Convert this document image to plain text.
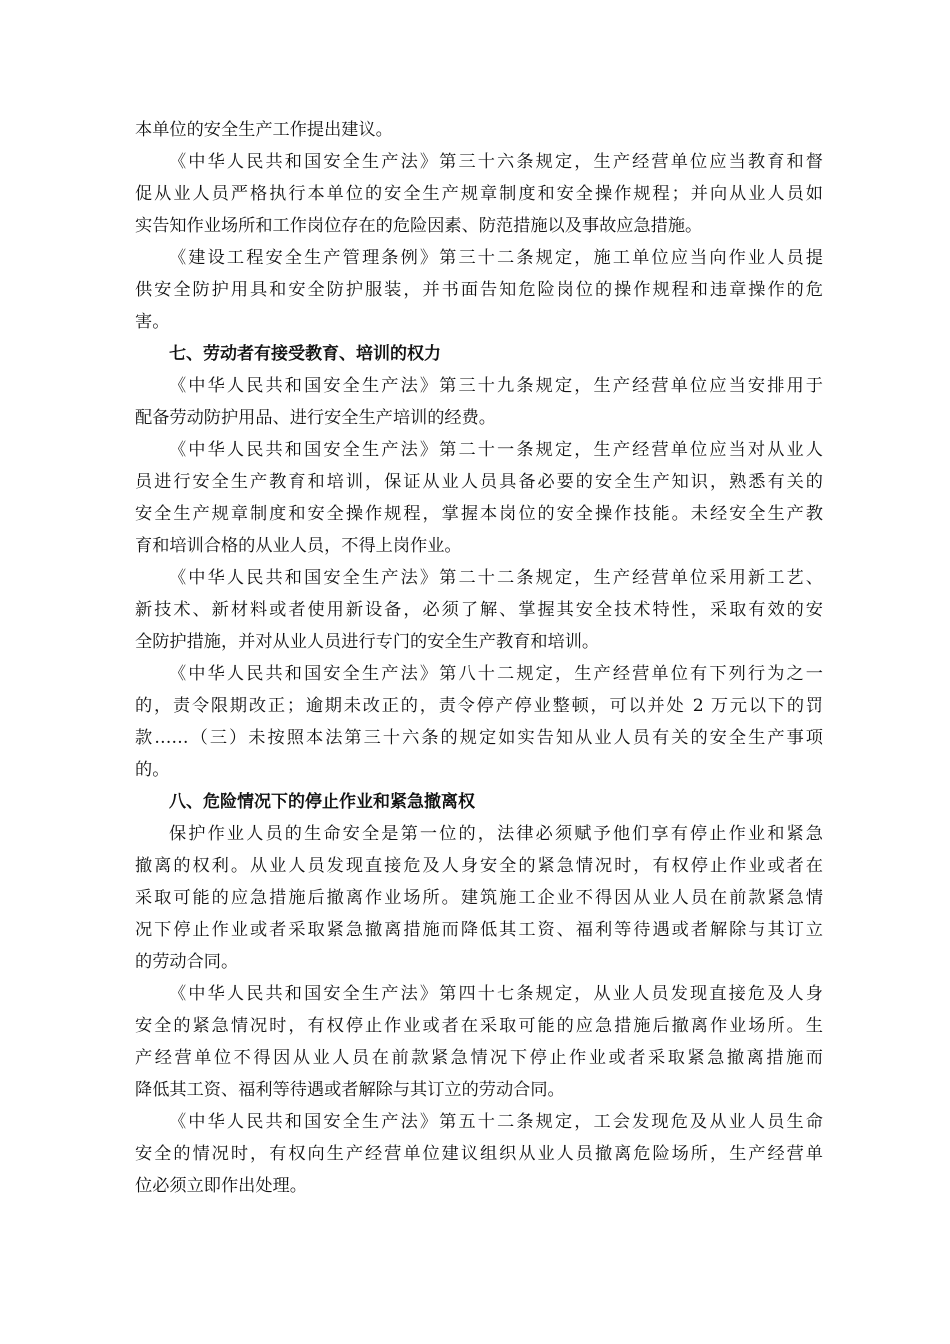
本单位的安全生产工作提出建议。
《中华人民共和国安全生产法》第三十六条规定，生产经营单位应当教育和督
促从业人员严格执行本单位的安全生产规章制度和安全操作规程；并向从业人员如
实告知作业场所和工作岗位存在的危险因素、防范措施以及事故应急措施。
《建设工程安全生产管理条例》第三十二条规定，施工单位应当向作业人员提
供安全防护用具和安全防护服装，并书面告知危险岗位的操作规程和违章操作的危
害。
七、劳动者有接受教育、培训的权力
《中华人民共和国安全生产法》第三十九条规定，生产经营单位应当安排用于
配备劳动防护用品、进行安全生产培训的经费。
《中华人民共和国安全生产法》第二十一条规定，生产经营单位应当对从业人
员进行安全生产教育和培训，保证从业人员具备必要的安全生产知识，熟悉有关的
安全生产规章制度和安全操作规程，掌握本岗位的安全操作技能。未经安全生产教
育和培训合格的从业人员，不得上岗作业。
《中华人民共和国安全生产法》第二十二条规定，生产经营单位采用新工艺、
新技术、新材料或者使用新设备，必须了解、掌握其安全技术特性，采取有效的安
全防护措施，并对从业人员进行专门的安全生产教育和培训。
《中华人民共和国安全生产法》第八十二规定，生产经营单位有下列行为之一
的，责令限期改正；逾期未改正的，责令停产停业整顿，可以并处 2 万元以下的罚
款……（三）未按照本法第三十六条的规定如实告知从业人员有关的安全生产事项
的。
八、危险情况下的停止作业和紧急撤离权
保护作业人员的生命安全是第一位的，法律必须赋予他们享有停止作业和紧急
撤离的权利。从业人员发现直接危及人身安全的紧急情况时，有权停止作业或者在
采取可能的应急措施后撤离作业场所。建筑施工企业不得因从业人员在前款紧急情
况下停止作业或者采取紧急撤离措施而降低其工资、福利等待遇或者解除与其订立
的劳动合同。
《中华人民共和国安全生产法》第四十七条规定，从业人员发现直接危及人身
安全的紧急情况时，有权停止作业或者在采取可能的应急措施后撤离作业场所。生
产经营单位不得因从业人员在前款紧急情况下停止作业或者采取紧急撤离措施而
降低其工资、福利等待遇或者解除与其订立的劳动合同。
《中华人民共和国安全生产法》第五十二条规定，工会发现危及从业人员生命
安全的情况时，有权向生产经营单位建议组织从业人员撤离危险场所，生产经营单
位必须立即作出处理。
